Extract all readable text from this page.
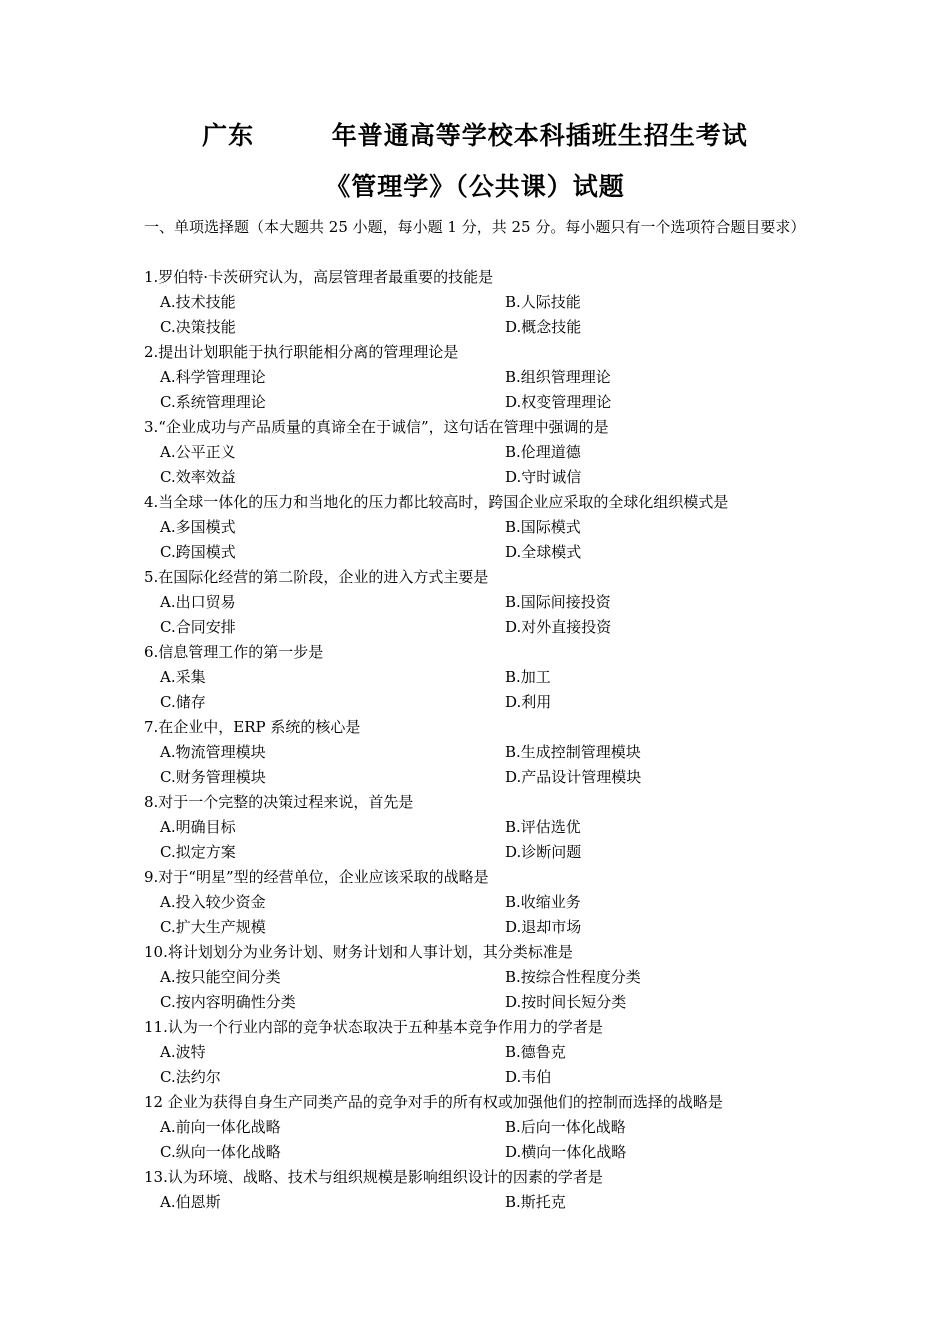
广东        年普通高等学校本科插班生招生考试
《管理学》（公共课）试题
一、单项选择题（本大题共 25 小题，每小题 1 分，共 25 分。每小题只有一个选项符合题目要求）
1.罗伯特·卡茨研究认为，高层管理者最重要的技能是
A.技术技能	B.人际技能
C.决策技能	D.概念技能
2.提出计划职能于执行职能相分离的管理理论是
A.科学管理理论	B.组织管理理论
C.系统管理理论	D.权变管理理论
3.“企业成功与产品质量的真谛全在于诚信”，这句话在管理中强调的是
A.公平正义	B.伦理道德
C.效率效益	D.守时诚信
4.当全球一体化的压力和当地化的压力都比较高时，跨国企业应采取的全球化组织模式是
A.多国模式	B.国际模式
C.跨国模式	D.全球模式
5.在国际化经营的第二阶段，企业的进入方式主要是
A.出口贸易	B.国际间接投资
C.合同安排	D.对外直接投资
6.信息管理工作的第一步是
A.采集	B.加工
C.储存	D.利用
7.在企业中，ERP 系统的核心是
A.物流管理模块	B.生成控制管理模块
C.财务管理模块	D.产品设计管理模块
8.对于一个完整的决策过程来说，首先是
A.明确目标	B.评估选优
C.拟定方案	D.诊断问题
9.对于“明星”型的经营单位，企业应该采取的战略是
A.投入较少资金	B.收缩业务
C.扩大生产规模	D.退却市场
10.将计划划分为业务计划、财务计划和人事计划，其分类标准是
A.按只能空间分类	B.按综合性程度分类
C.按内容明确性分类	D.按时间长短分类
11.认为一个行业内部的竞争状态取决于五种基本竞争作用力的学者是
A.波特	B.德鲁克
C.法约尔	D.韦伯
12 企业为获得自身生产同类产品的竞争对手的所有权或加强他们的控制而选择的战略是
A.前向一体化战略	B.后向一体化战略
C.纵向一体化战略	D.横向一体化战略
13.认为环境、战略、技术与组织规模是影响组织设计的因素的学者是
A.伯恩斯	B.斯托克
